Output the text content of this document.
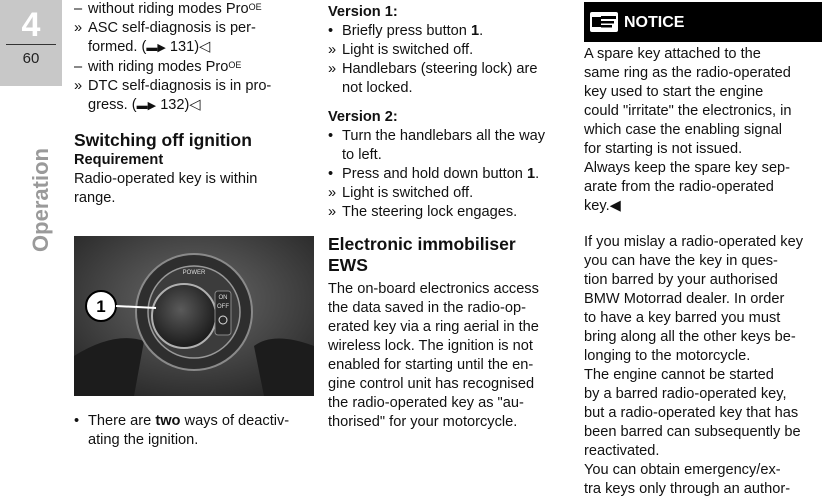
4
60
Operation
– without riding modes Pro$^{OE}$
» ASC self-diagnosis is per-
formed. (▬▶ 131)◁
– with riding modes Pro$^{OE}$
» DTC self-diagnosis is in pro-
gress. (▬▶ 132)◁
Switching off ignition
Requirement
Radio-operated key is within
range.
POWER
ON
OFF
1
• There are two ways of deactiv-
ating the ignition.
Version 1:
• Briefly press button 1.
» Light is switched off.
» Handlebars (steering lock) are
not locked.
Version 2:
• Turn the handlebars all the way
to left.
• Press and hold down button 1.
» Light is switched off.
» The steering lock engages.
Electronic immobiliser
EWS
The on-board electronics access
the data saved in the radio-op-
erated key via a ring aerial in the
wireless lock. The ignition is not
enabled for starting until the en-
gine control unit has recognised
the radio-operated key as "au-
thorised" for your motorcycle.
NOTICE
A spare key attached to the
same ring as the radio-operated
key used to start the engine
could "irritate" the electronics, in
which case the enabling signal
for starting is not issued.
Always keep the spare key sep-
arate from the radio-operated
key.◀
If you mislay a radio-operated key
you can have the key in ques-
tion barred by your authorised
BMW Motorrad dealer. In order
to have a key barred you must
bring along all the other keys be-
longing to the motorcycle.
The engine cannot be started
by a barred radio-operated key,
but a radio-operated key that has
been barred can subsequently be
reactivated.
You can obtain emergency/ex-
tra keys only through an author-
